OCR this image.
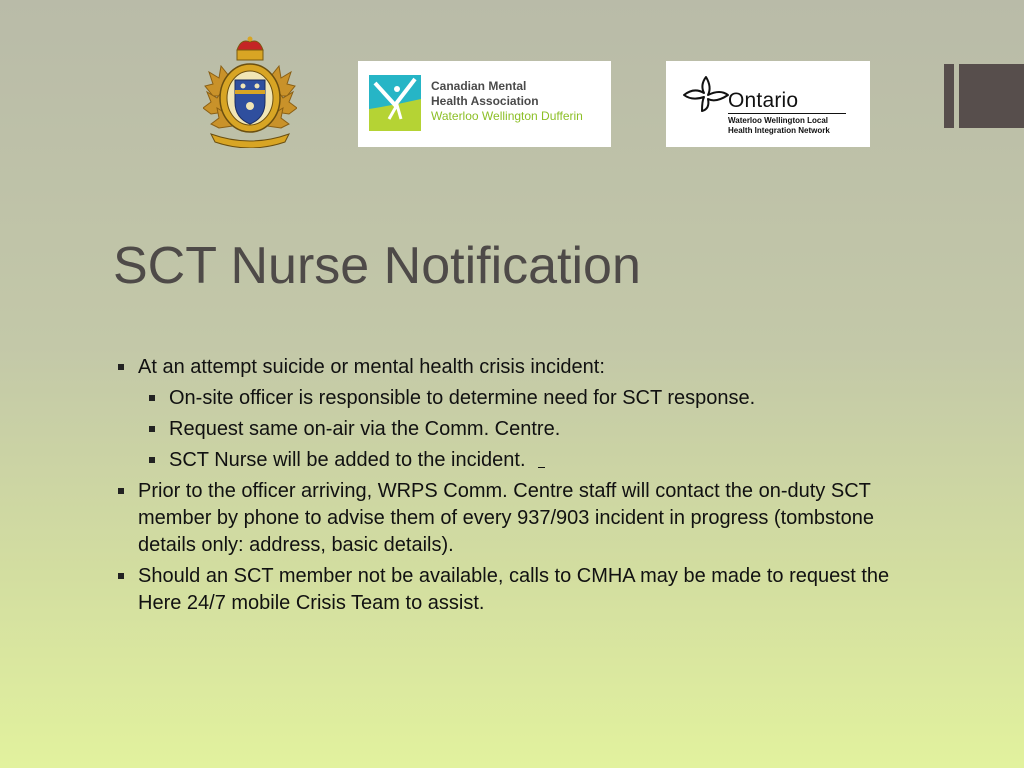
Canadian Mental
Health Association
Waterloo Wellington Dufferin
Ontario
Waterloo Wellington Local
Health Integration Network
SCT Nurse Notification
At an attempt suicide or mental health crisis incident:
On-site officer is responsible to determine need for SCT response.
Request same on-air via the Comm. Centre.
SCT Nurse will be added to the incident.
Prior to the officer arriving, WRPS Comm. Centre staff will contact the on-duty SCT member by phone to advise them of every 937/903 incident in progress (tombstone details only: address, basic details).
Should an SCT member not be available, calls to CMHA may be made to request the Here 24/7 mobile Crisis Team to assist.
